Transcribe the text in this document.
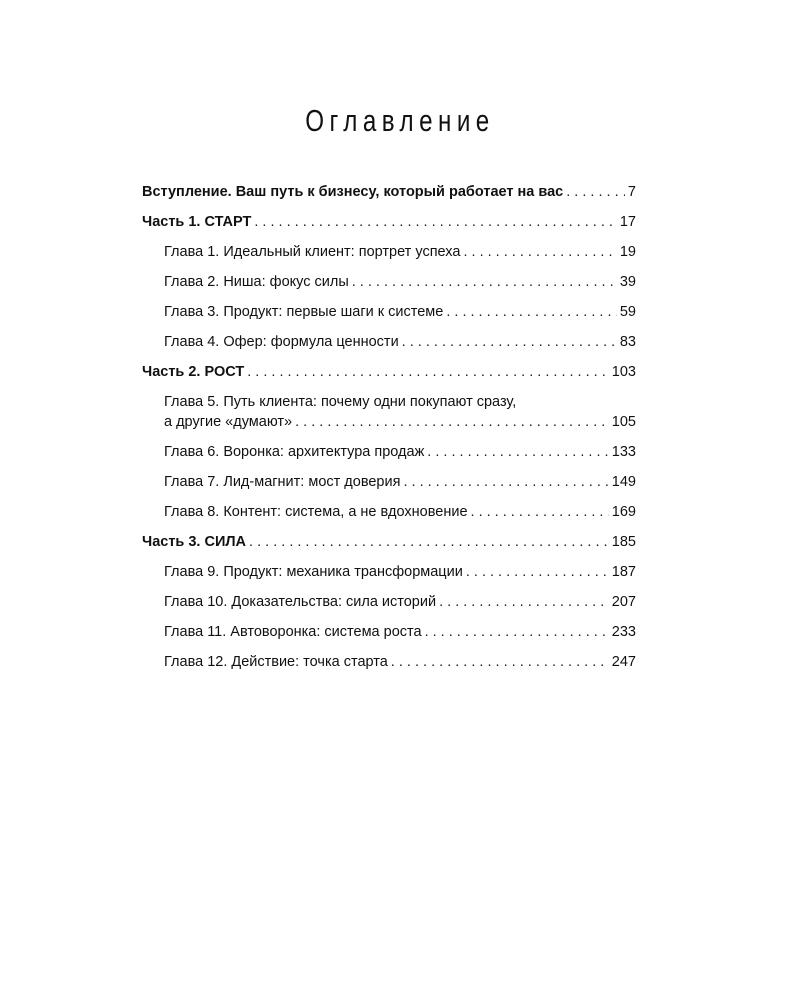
Оглавление
Вступление. Ваш путь к бизнесу, который работает на вас . . .	7
Часть 1. СТАРТ . . .	17
Глава 1. Идеальный клиент: портрет успеха . . .	19
Глава 2. Ниша: фокус силы . . .	39
Глава 3. Продукт: первые шаги к системе . . .	59
Глава 4. Офер: формула ценности . . .	83
Часть 2. РОСТ . . .	103
Глава 5. Путь клиента: почему одни покупают сразу,
а другие «думают» . . .	105
Глава 6. Воронка: архитектура продаж . . .	133
Глава 7. Лид-магнит: мост доверия . . .	149
Глава 8. Контент: система, а не вдохновение . . .	169
Часть 3. СИЛА . . .	185
Глава 9. Продукт: механика трансформации . . .	187
Глава 10. Доказательства: сила историй . . .	207
Глава 11. Автоворонка: система роста . . .	233
Глава 12. Действие: точка старта . . .	247
